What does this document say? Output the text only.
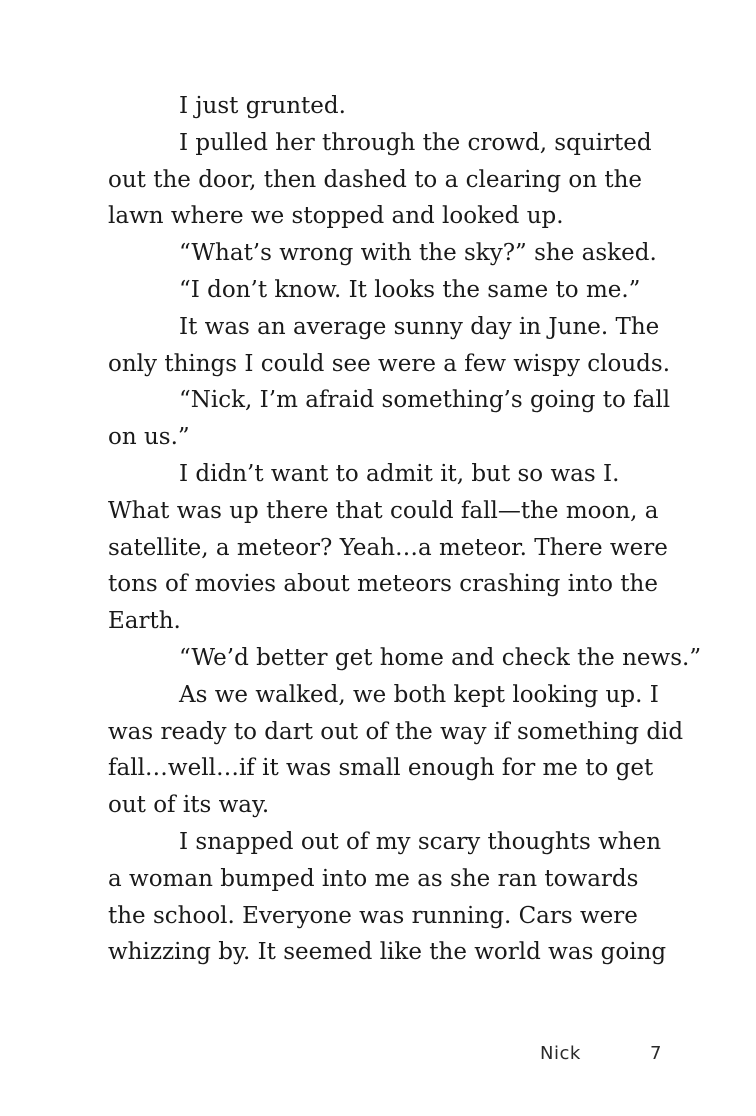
I just grunted.
I pulled her through the crowd, squirted
out the door, then dashed to a clearing on the
lawn where we stopped and looked up.
“What’s wrong with the sky?” she asked.
“I don’t know. It looks the same to me.”
It was an average sunny day in June. The
only things I could see were a few wispy clouds.
“Nick, I’m afraid something’s going to fall
on us.”
I didn’t want to admit it, but so was I.
What was up there that could fall—the moon, a
satellite, a meteor? Yeah…a meteor. There were
tons of movies about meteors crashing into the
Earth.
“We’d better get home and check the news.”
As we walked, we both kept looking up. I
was ready to dart out of the way if something did
fall…well…if it was small enough for me to get
out of its way.
I snapped out of my scary thoughts when
a woman bumped into me as she ran towards
the school. Everyone was running. Cars were
whizzing by. It seemed like the world was going
Nick	7
